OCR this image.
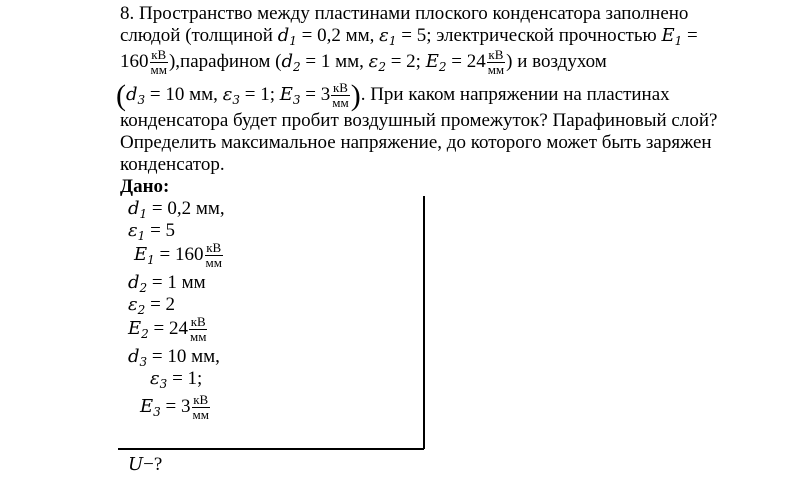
8. Пространство между пластинами плоского конденсатора заполнено
слюдой (толщиной $d_1 = 0,2$ мм, $\varepsilon_1 = 5$; электрической прочностью $E_1$ =
$160 \frac{кВ}{мм}$ ),парафином ($d_2 = 1$ мм, $\varepsilon_2 = 2$; $E_2 = 24 \frac{кВ}{мм}$ ) и воздухом
($d_3 = 10$ мм, $\varepsilon_3 = 1$; $E_3 = 3 \frac{кВ}{мм}$ ). При каком напряжении на пластинах
конденсатора будет пробит воздушный промежуток? Парафиновый слой?
Определить максимальное напряжение, до которого может быть заряжен
конденсатор.
Дано:
$d_1 = 0,2$ мм,
$\varepsilon_1 = 5$
$E_1 = 160 \frac{кВ}{мм}$
$d_2 = 1$ мм
$\varepsilon_2 = 2$
$E_2 = 24 \frac{кВ}{мм}$
$d_3 = 10$ мм,
$\varepsilon_3 = 1$;
$E_3 = 3 \frac{кВ}{мм}$
U−?
